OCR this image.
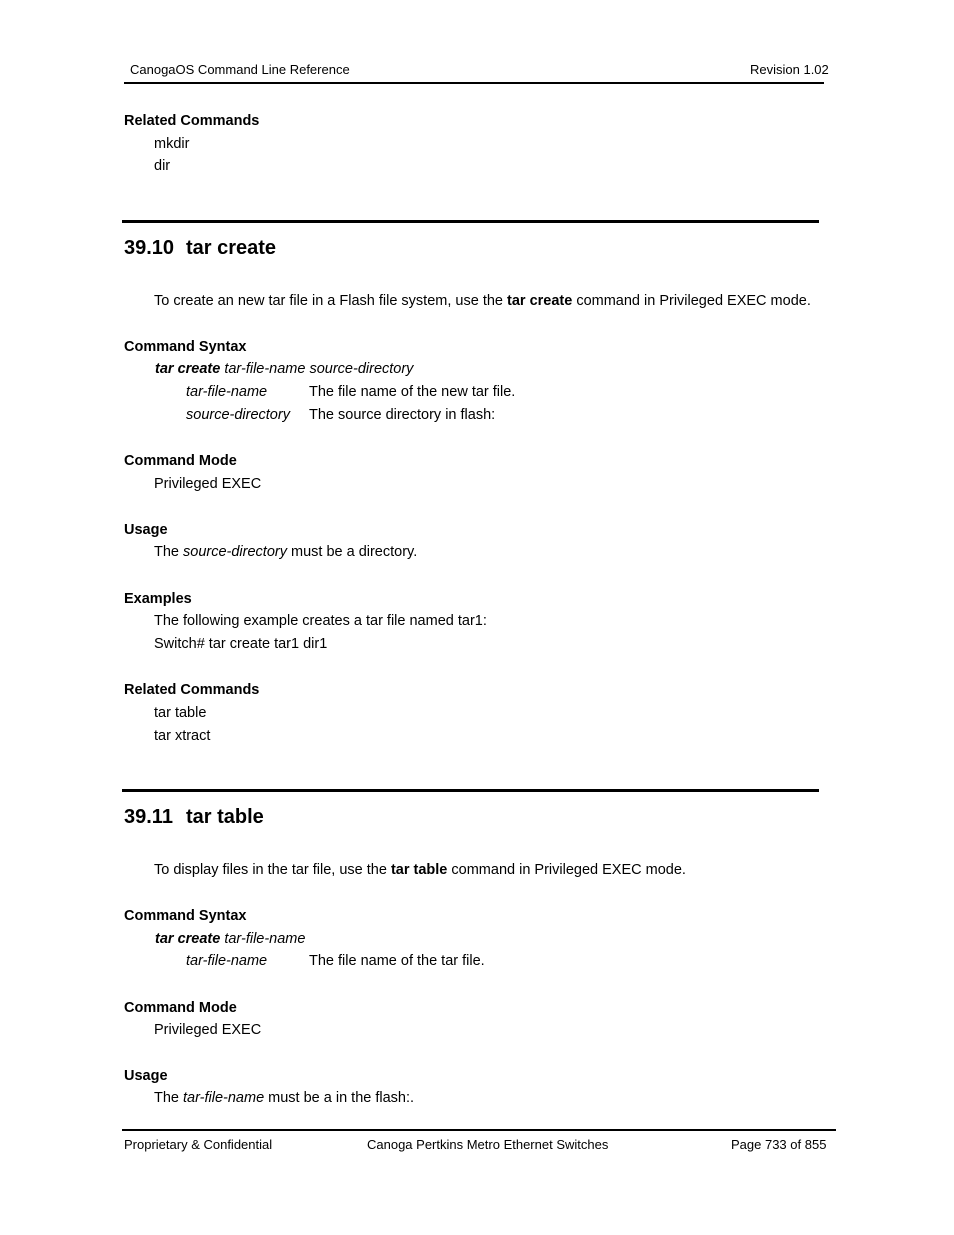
CanogaOS Command Line Reference	Revision 1.02
Related Commands
mkdir
dir
39.10 tar create
To create an new tar file in a Flash file system, use the tar create command in Privileged EXEC mode.
Command Syntax
tar create tar-file-name source-directory
tar-file-name	The file name of the new tar file.
source-directory The source directory in flash:
Command Mode
Privileged EXEC
Usage
The source-directory must be a directory.
Examples
The following example creates a tar file named tar1:
Switch# tar create tar1 dir1
Related Commands
tar table
tar xtract
39.11 tar table
To display files in the tar file, use the tar table command in Privileged EXEC mode.
Command Syntax
tar create tar-file-name
tar-file-name	The file name of the tar file.
Command Mode
Privileged EXEC
Usage
The tar-file-name must be a in the flash:.
Proprietary & Confidential	Canoga Pertkins Metro Ethernet Switches	Page 733 of 855
